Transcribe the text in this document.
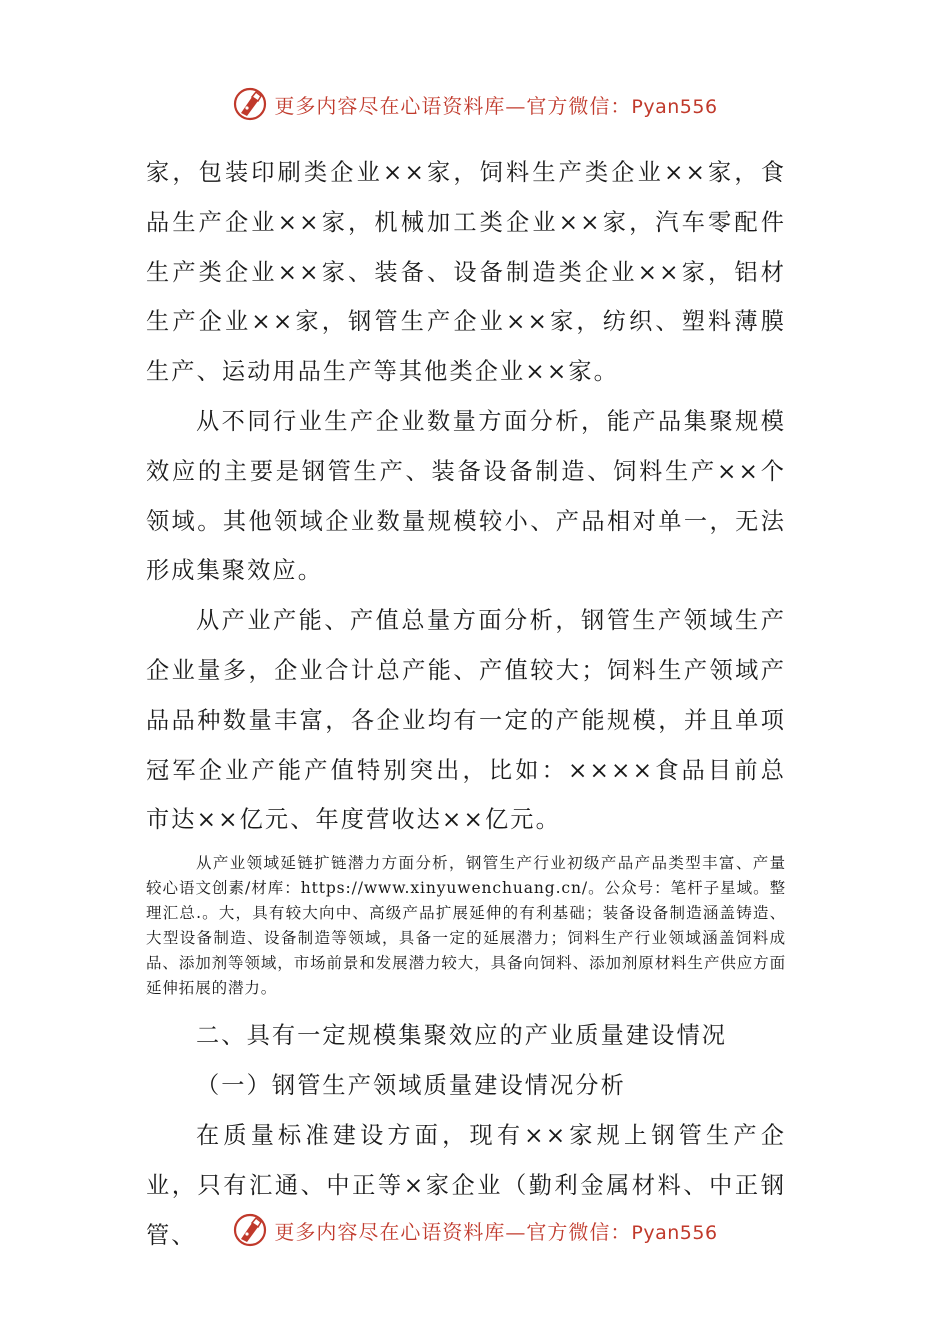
更多内容尽在心语资料库—官方微信：Pyan556

家，包装印刷类企业××家，饲料生产类企业××家，食品生产企业××家，机械加工类企业××家，汽车零配件生产类企业××家、装备、设备制造类企业××家，铝材生产企业××家，钢管生产企业××家，纺织、塑料薄膜生产、运动用品生产等其他类企业××家。

从不同行业生产企业数量方面分析，能产品集聚规模效应的主要是钢管生产、装备设备制造、饲料生产××个领域。其他领域企业数量规模较小、产品相对单一，无法形成集聚效应。

从产业产能、产值总量方面分析，钢管生产领域生产企业量多，企业合计总产能、产值较大；饲料生产领域产品品种数量丰富，各企业均有一定的产能规模，并且单项冠军企业产能产值特别突出，比如：××××食品目前总市达××亿元、年度营收达××亿元。

从产业领域延链扩链潜力方面分析，钢管生产行业初级产品产品类型丰富、产量较心语文创素/材库：https://www.xinyuwenchuang.cn/。公众号：笔杆子星域。整理汇总.。大，具有较大向中、高级产品扩展延伸的有利基础；装备设备制造涵盖铸造、大型设备制造、设备制造等领域，具备一定的延展潜力；饲料生产行业领域涵盖饲料成品、添加剂等领域，市场前景和发展潜力较大，具备向饲料、添加剂原材料生产供应方面延伸拓展的潜力。

二、具有一定规模集聚效应的产业质量建设情况

（一）钢管生产领域质量建设情况分析

在质量标准建设方面，现有××家规上钢管生产企业，只有汇通、中正等×家企业（勤利金属材料、中正钢管、	更多内容尽在心语资料库—官方微信：Pyan556
